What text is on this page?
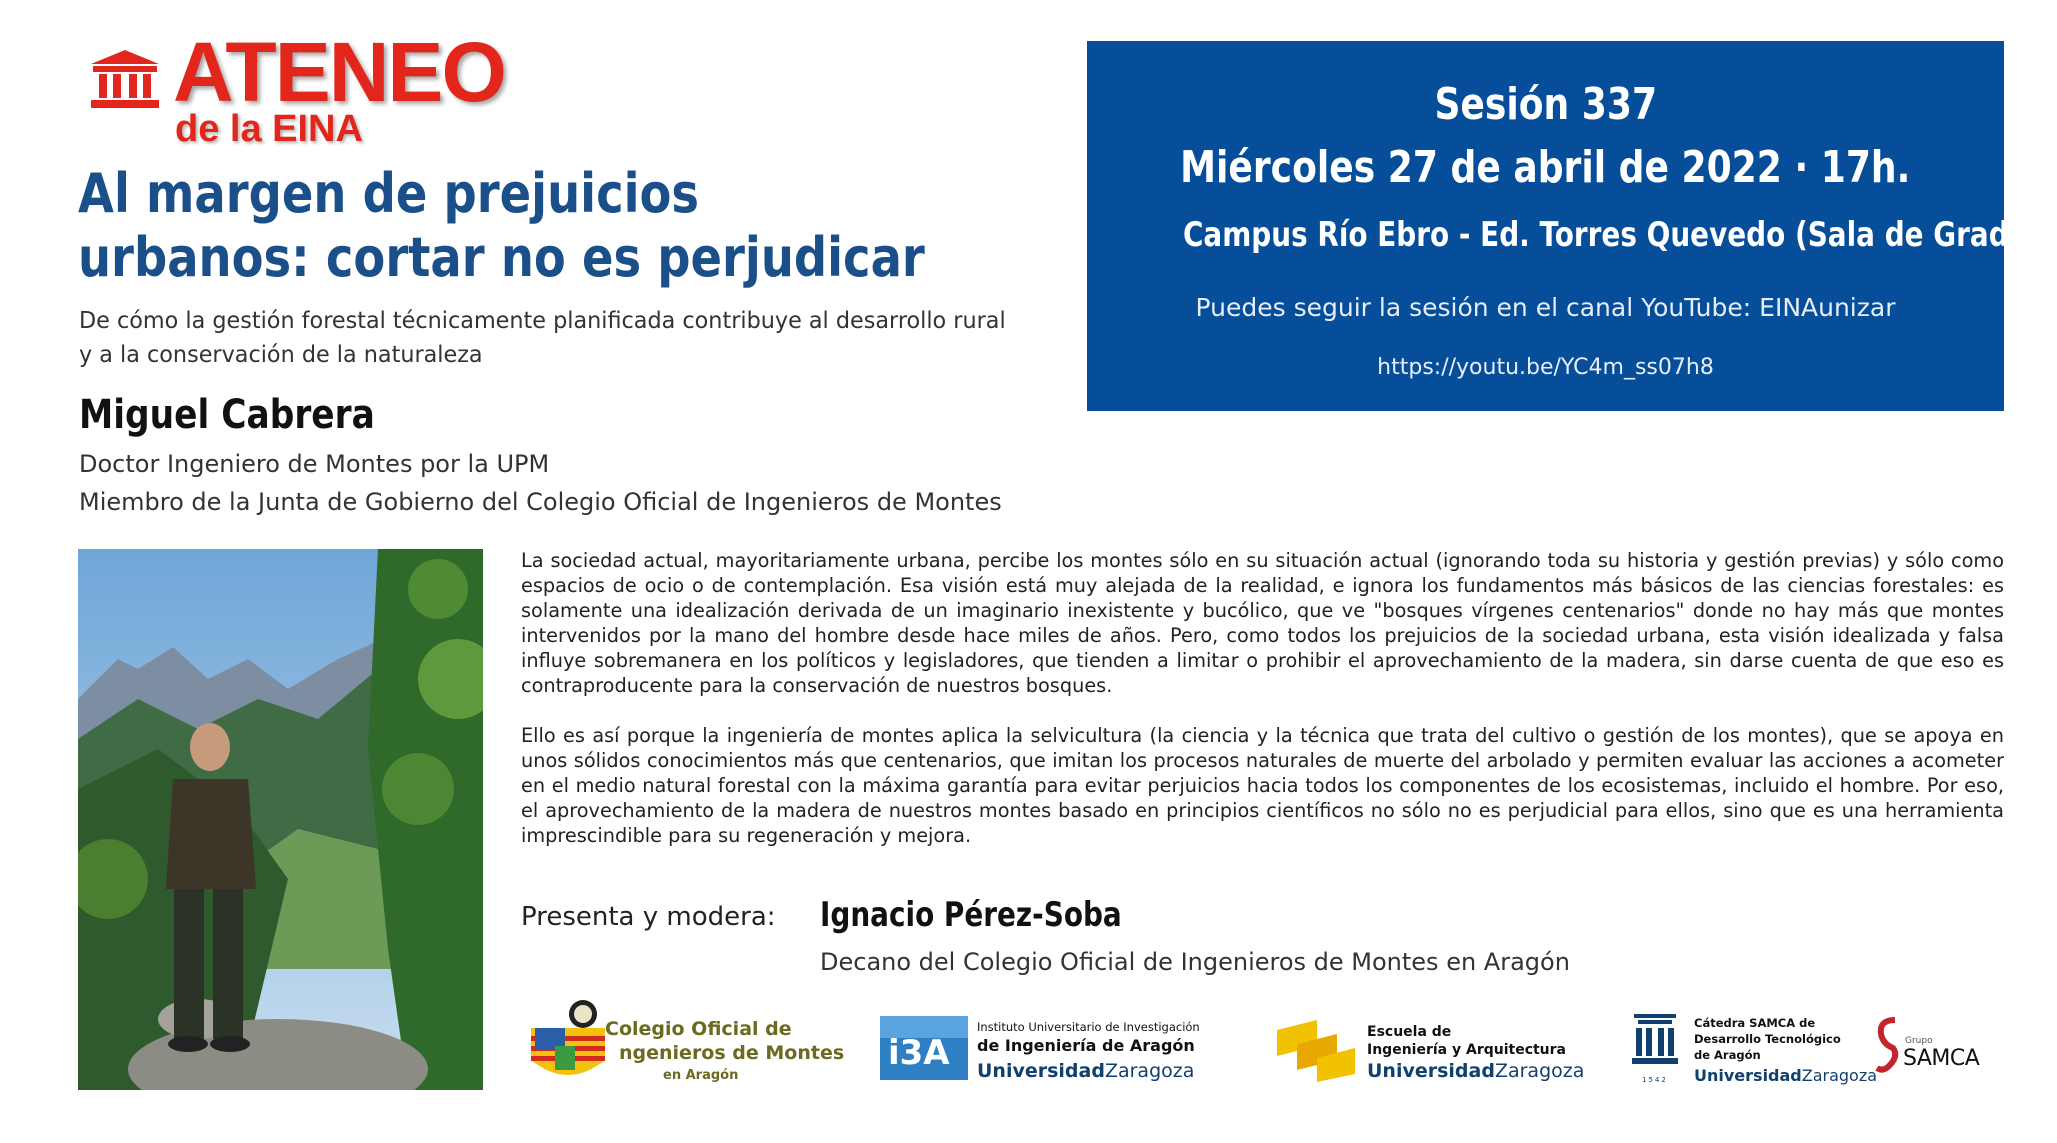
ATENEO
de la EINA
Al margen de prejuicios urbanos: cortar no es perjudicar
De cómo la gestión forestal técnicamente planificada contribuye al desarrollo rural y a la conservación de la naturaleza
Miguel Cabrera
Doctor Ingeniero de Montes por la UPM
Miembro de la Junta de Gobierno del Colegio Oficial de Ingenieros de Montes
Sesión 337
Miércoles 27 de abril de 2022 · 17h.
Campus Río Ebro - Ed. Torres Quevedo (Sala de Grados)
Puedes seguir la sesión en el canal YouTube: EINAunizar
https://youtu.be/YC4m_ss07h8

La sociedad actual, mayoritariamente urbana, percibe los montes sólo en su situación actual (ignorando toda su historia y gestión previas) y sólo como espacios de ocio o de contemplación. Esa visión está muy alejada de la realidad, e ignora los fundamentos más básicos de las ciencias forestales: es solamente una idealización derivada de un imaginario inexistente y bucólico, que ve "bosques vírgenes centenarios" donde no hay más que montes intervenidos por la mano del hombre desde hace miles de años. Pero, como todos los prejuicios de la sociedad urbana, esta visión idealizada y falsa influye sobremanera en los políticos y legisladores, que tienden a limitar o prohibir el aprovechamiento de la madera, sin darse cuenta de que eso es contraproducente para la conservación de nuestros bosques.

Ello es así porque la ingeniería de montes aplica la selvicultura (la ciencia y la técnica que trata del cultivo o gestión de los montes), que se apoya en unos sólidos conocimientos más que centenarios, que imitan los procesos naturales de muerte del arbolado y permiten evaluar las acciones a acometer en el medio natural forestal con la máxima garantía para evitar perjuicios hacia todos los componentes de los ecosistemas, incluido el hombre. Por eso, el aprovechamiento de la madera de nuestros montes basado en principios científicos no sólo no es perjudicial para ellos, sino que es una herramienta imprescindible para su regeneración y mejora.

Presenta y modera: Ignacio Pérez-Soba
Decano del Colegio Oficial de Ingenieros de Montes en Aragón
Colegio Oficial de
ngenieros de Montes
en Aragón
i3A
Instituto Universitario de Investigación
de Ingeniería de Aragón
UniversidadZaragoza
Escuela de
Ingeniería y Arquitectura
UniversidadZaragoza	1542
Cátedra SAMCA de
Desarrollo Tecnológico
de Aragón
UniversidadZaragoza
Grupo
SAMCA
